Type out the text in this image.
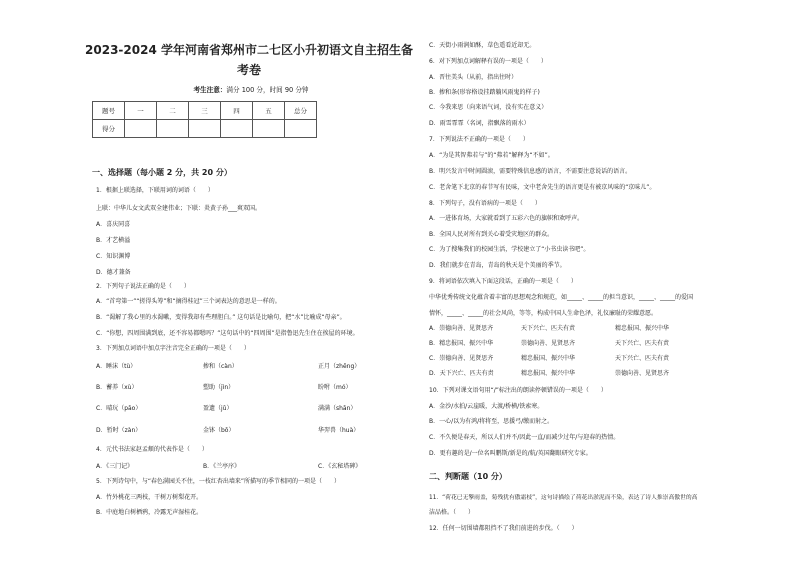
2023-2024 学年河南省郑州市二七区小升初语文自主招生备
考卷
考生注意：满分 100 分，时间 90 分钟
题号	一	二	三	四	五	总分
得分						
一、选择题（每小题 2 分，共 20 分）
1．根据上联选择，下联用词的词语（　　）
上联：中华儿女文武双全建伟业；下联：炎黄子孙___爽双国。
A．喜庆同喜
B．才艺横溢
C．知识渊博
D．德才兼备
2．下列句子说法正确的是（　　）
A．“首弯第一”“搓得头筹”和“摘得桂冠”三个词表达的意思是一样的。
B．“渴解了我心里的水渴嗽，变得我却有些理胆白。” 这句话是比喻句，把“水”比喻成“母亲”。
C．“你想，四周围满到底，还不容易都嗯吗？”这句话中的“四周围”是指鲁迅先生住在挨屋的环境。
3．下列加点词语中加点字注音完全正确的一项是（　　）
A．睡沫（tù）	掺和（càn）	正月（zhēng）
B．蓄养（xù）	塑助（jìn）	盼咐（mó）
C．晴玩（pāo）	盈遗（jǔ）	满满（shān）
D．暂时（zàn）	金钵（bō）	华羿兽（huà）
4．元代书法家赵孟頫的代表作是（　　）
A．《三门记》	B．《兰亭序》	C．《玄秘塔碑》
5．下列诗句中，与“春色满园关不住，一枝红杏出墙来”所描写的季节相同的一项是（　　）
A．竹外桃花三两枝，干树万树梨花开。
B．中庭地白树栖鸦，冷露无声湿桂花。
C．天街小雨润如酥，草色遥看近却无。
6．对下列加点词解释有误的一项是（　　）
A．晋往美头（从前，指出往时）
B．掺和条(形容格设挂踏躺风雨鬼的样子)
C．今我来思（向来语气词，没有实在意义）
D．雨雪霏霏（名词，指飘落的雨水）
7．下列说法不正确的一项是（　　）
A．“为是其智弗若与”的“弗若”解释为“不如”。
B．明兴发言中时间圆滚，需要特殊信息感的语言，不需要注意说话的语言。
C．老舍笔下北京的春节写有民味，文中老舍先生的语言更是有被京风味的“京味儿”。
8．下列句子，没有语病的一项是（　　）
A．一进体育场，大家就看到了五彩六色的旗帜和欢呼声。
B．全国人民对所有到关心着受灾地区的群众。
C．为了搜集我们的校园生活，学校建立了“小书虫读书吧”。
D．我们就步在青岛，青岛的秋天是个美丽的季节。
9．将词语依次填入下面这段话，正确的一项是（　　）
中华优秀传统文化蕴含着丰富的思想观念和规范，如_____、_____的担当意识，_____、_____的爱国
情怀，_____、_____的社会风尚，等等，构成中国人生命色泽，礼仪廉耻的荣耀意愿。
A．崇德向善、见贤思齐	天下兴亡、匹夫有责	精忠报国、振兴中华
B．精忠报国、振兴中华	崇德向善、见贤思齐	天下兴亡、匹夫有责
C．崇德向善、见贤思齐	精忠报国、振兴中华	天下兴亡、匹夫有责
D．天下兴亡、匹夫有责	精忠报国、振兴中华	崇德向善、见贤思齐
10．下列对课文语句用“/”标注出的朗读停顿错误的一项是（　　）
A．金沙/水拍/云崖暖，大渡/桥横/铁索寒。
B．一心/以为有鸿/将将至，思援弓/缴而射之。
C．不久便是春天，所以人们并不/因此一直/而减少过年/与迎春的热情。
D．更有趣的是/一位名叫鹏斯/新是的/航/英国翻眼研究专家。
二、判断题（10 分）
11．“荷花已无擎雨盖，菊残犹有傲霜枝”，这句诗描绘了荷花出淤泥而不染，表达了诗人推崇高傲世的高
洁品格。（　　）
12．任何一切围墙都阻挡不了我们前进的步伐。（　　）
